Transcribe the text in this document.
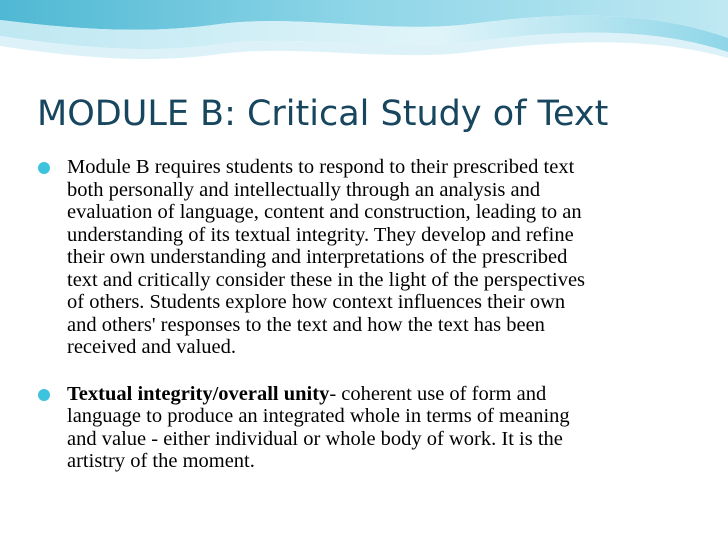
MODULE B: Critical Study of Text
Module B requires students to respond to their prescribed text
both personally and intellectually through an analysis and
evaluation of language, content and construction, leading to an
understanding of its textual integrity. They develop and refine
their own understanding and interpretations of the prescribed
text and critically consider these in the light of the perspectives
of others. Students explore how context influences their own
and others' responses to the text and how the text has been
received and valued.
Textual integrity/overall unity- coherent use of form and
language to produce an integrated whole in terms of meaning
and value - either individual or whole body of work. It is the
artistry of the moment.
